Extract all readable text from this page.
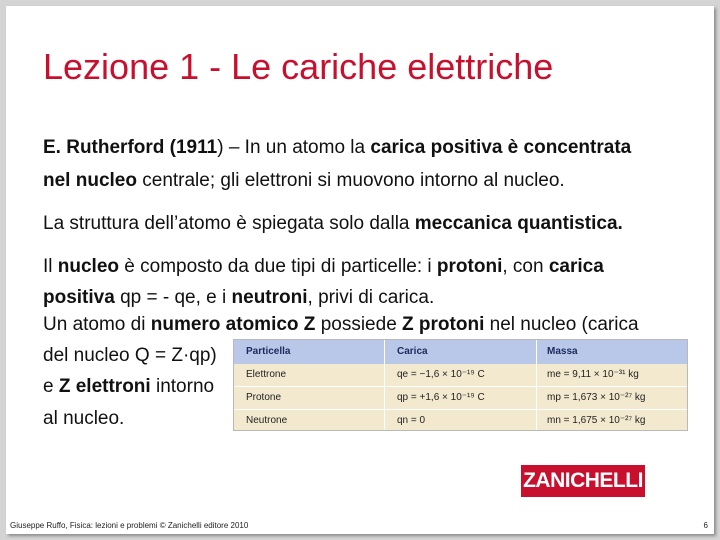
Lezione 1 - Le cariche elettriche
E. Rutherford (1911) – In un atomo la carica positiva è concentrata
nel nucleo centrale; gli elettroni si muovono intorno al nucleo.
La struttura dell’atomo è spiegata solo dalla meccanica quantistica.
Il nucleo è composto da due tipi di particelle: i protoni, con carica
positiva qp = - qe, e i neutroni, privi di carica.
Un atomo di numero atomico Z possiede Z protoni nel nucleo (carica
del nucleo Q = Z·qp)
e Z elettroni intorno
al nucleo.
Particella	Carica	Massa
Elettrone	qe = −1,6 × 10⁻¹⁹ C	me = 9,11 × 10⁻³¹ kg
Protone	qp = +1,6 × 10⁻¹⁹ C	mp = 1,673 × 10⁻²⁷ kg
Neutrone	qn = 0	mn = 1,675 × 10⁻²⁷ kg
ZANICHELLI
Giuseppe Ruffo, Fisica: lezioni e problemi © Zanichelli editore 2010	6
